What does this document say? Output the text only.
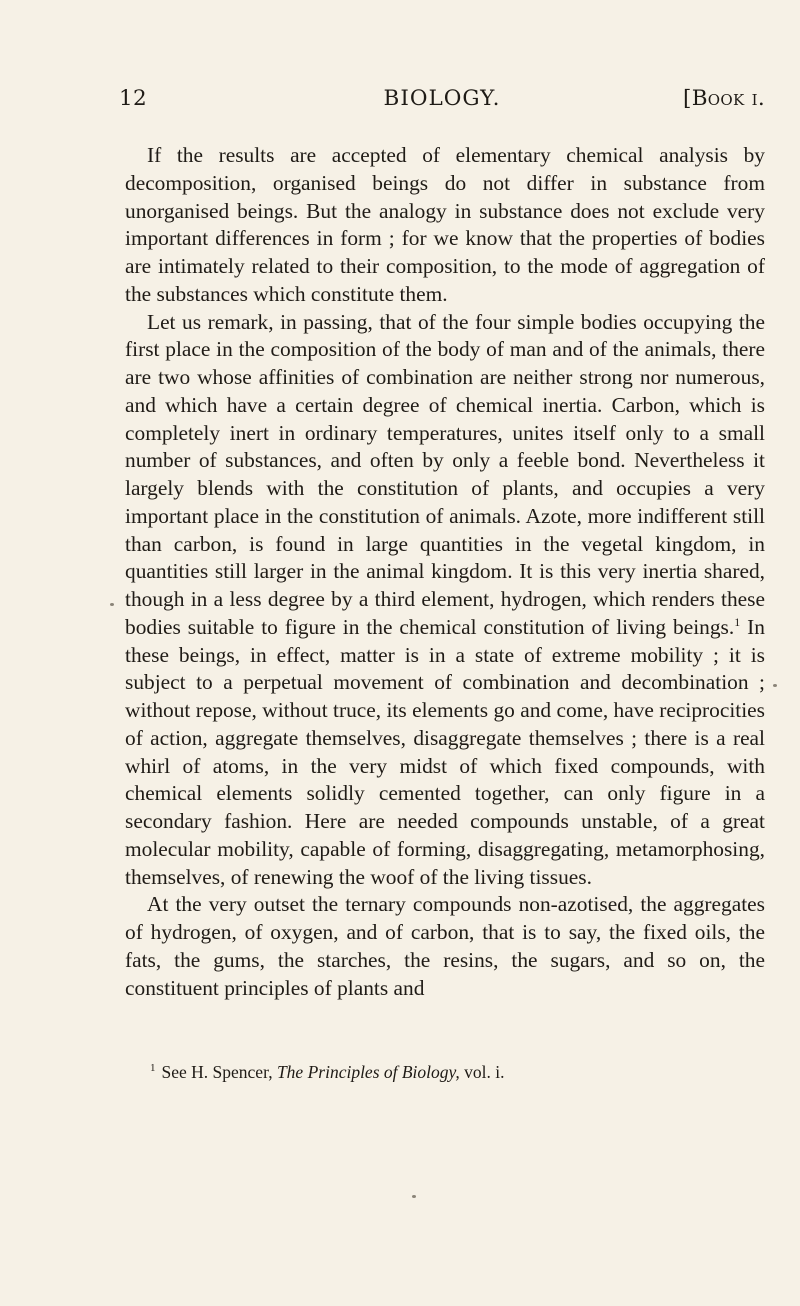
12	BIOLOGY.	[Book i.

If the results are accepted of elementary chemical analysis by decomposition, organised beings do not differ in substance from unorganised beings. But the analogy in substance does not exclude very important differences in form ; for we know that the properties of bodies are intimately related to their composition, to the mode of aggregation of the substances which constitute them.

Let us remark, in passing, that of the four simple bodies occupying the first place in the composition of the body of man and of the animals, there are two whose affinities of combination are neither strong nor numerous, and which have a certain degree of chemical inertia. Carbon, which is completely inert in ordinary temperatures, unites itself only to a small number of substances, and often by only a feeble bond. Nevertheless it largely blends with the constitution of plants, and occupies a very important place in the constitution of animals. Azote, more indifferent still than carbon, is found in large quantities in the vegetal kingdom, in quantities still larger in the animal kingdom. It is this very inertia shared, though in a less degree by a third element, hydrogen, which renders these bodies suitable to figure in the chemical constitution of living beings.$^1$ In these beings, in effect, matter is in a state of extreme mobility ; it is subject to a perpetual movement of combination and decombination ; without repose, without truce, its elements go and come, have reciprocities of action, aggregate themselves, disaggregate themselves ; there is a real whirl of atoms, in the very midst of which fixed compounds, with chemical elements solidly cemented together, can only figure in a secondary fashion. Here are needed compounds unstable, of a great molecular mobility, capable of forming, disaggregating, metamorphosing, themselves, of renewing the woof of the living tissues.

At the very outset the ternary compounds non-azotised, the aggregates of hydrogen, of oxygen, and of carbon, that is to say, the fixed oils, the fats, the gums, the starches, the resins, the sugars, and so on, the constituent principles of plants and

$^1$ See H. Spencer, The Principles of Biology, vol. i.
